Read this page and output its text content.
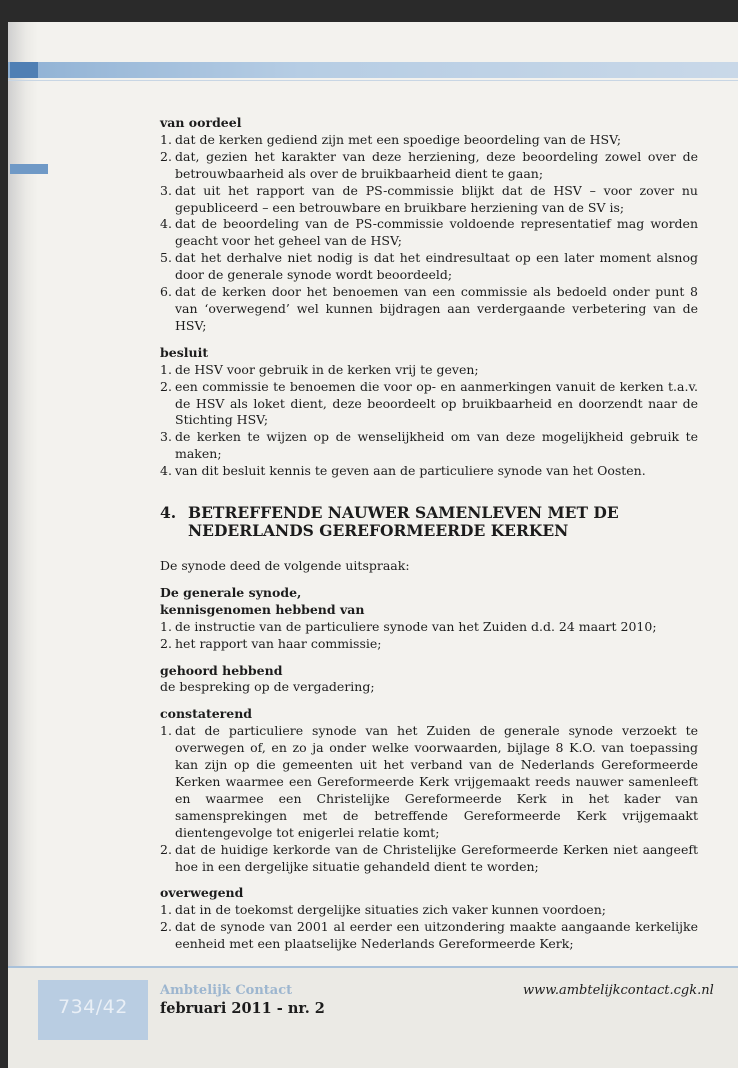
van oordeel
1. dat de kerken gediend zijn met een spoedige beoordeling van de HSV;
2. dat, gezien het karakter van deze herziening, deze beoordeling zowel over de betrouwbaarheid als over de bruikbaarheid dient te gaan;
3. dat uit het rapport van de PS-commissie blijkt dat de HSV – voor zover nu gepubliceerd – een betrouwbare en bruikbare herziening van de SV is;
4. dat de beoordeling van de PS-commissie voldoende representatief mag worden geacht voor het geheel van de HSV;
5. dat het derhalve niet nodig is dat het eindresultaat op een later moment alsnog door de generale synode wordt beoordeeld;
6. dat de kerken door het benoemen van een commissie als bedoeld onder punt 8 van ‘overwegend’ wel kunnen bijdragen aan verdergaande verbetering van de HSV;
besluit
1. de HSV voor gebruik in de kerken vrij te geven;
2. een commissie te benoemen die voor op- en aanmerkingen vanuit de kerken t.a.v. de HSV als loket dient, deze beoordeelt op bruikbaarheid en doorzendt naar de Stichting HSV;
3. de kerken te wijzen op de wenselijkheid om van deze mogelijkheid gebruik te maken;
4. van dit besluit kennis te geven aan de particuliere synode van het Oosten.
4. BETREFFENDE NAUWER SAMENLEVEN MET DE
NEDERLANDS GEREFORMEERDE KERKEN

De synode deed de volgende uitspraak:

De generale synode,
kennisgenomen hebbend van
1. de instructie van de particuliere synode van het Zuiden d.d. 24 maart 2010;
2. het rapport van haar commissie;
gehoord hebbend

de bespreking op de vergadering;

constaterend
1. dat de particuliere synode van het Zuiden de generale synode verzoekt te overwegen of, en zo ja onder welke voorwaarden, bijlage 8 K.O. van toepassing kan zijn op die gemeenten uit het verband van de Nederlands Gereformeerde Kerken waarmee een Gereformeerde Kerk vrijgemaakt reeds nauwer samenleeft en waarmee een Christelijke Gereformeerde Kerk in het kader van samensprekingen met de betreffende Gereformeerde Kerk vrijgemaakt dientengevolge tot enigerlei relatie komt;
2. dat de huidige kerkorde van de Christelijke Gereformeerde Kerken niet aangeeft hoe in een dergelijke situatie gehandeld dient te worden;
overwegend
1. dat in de toekomst dergelijke situaties zich vaker kunnen voordoen;
2. dat de synode van 2001 al eerder een uitzondering maakte aangaande kerkelijke eenheid met een plaatselijke Nederlands Gereformeerde Kerk;
734/42
Ambtelijk Contact
februari 2011 - nr. 2
www.ambtelijkcontact.cgk.nl
